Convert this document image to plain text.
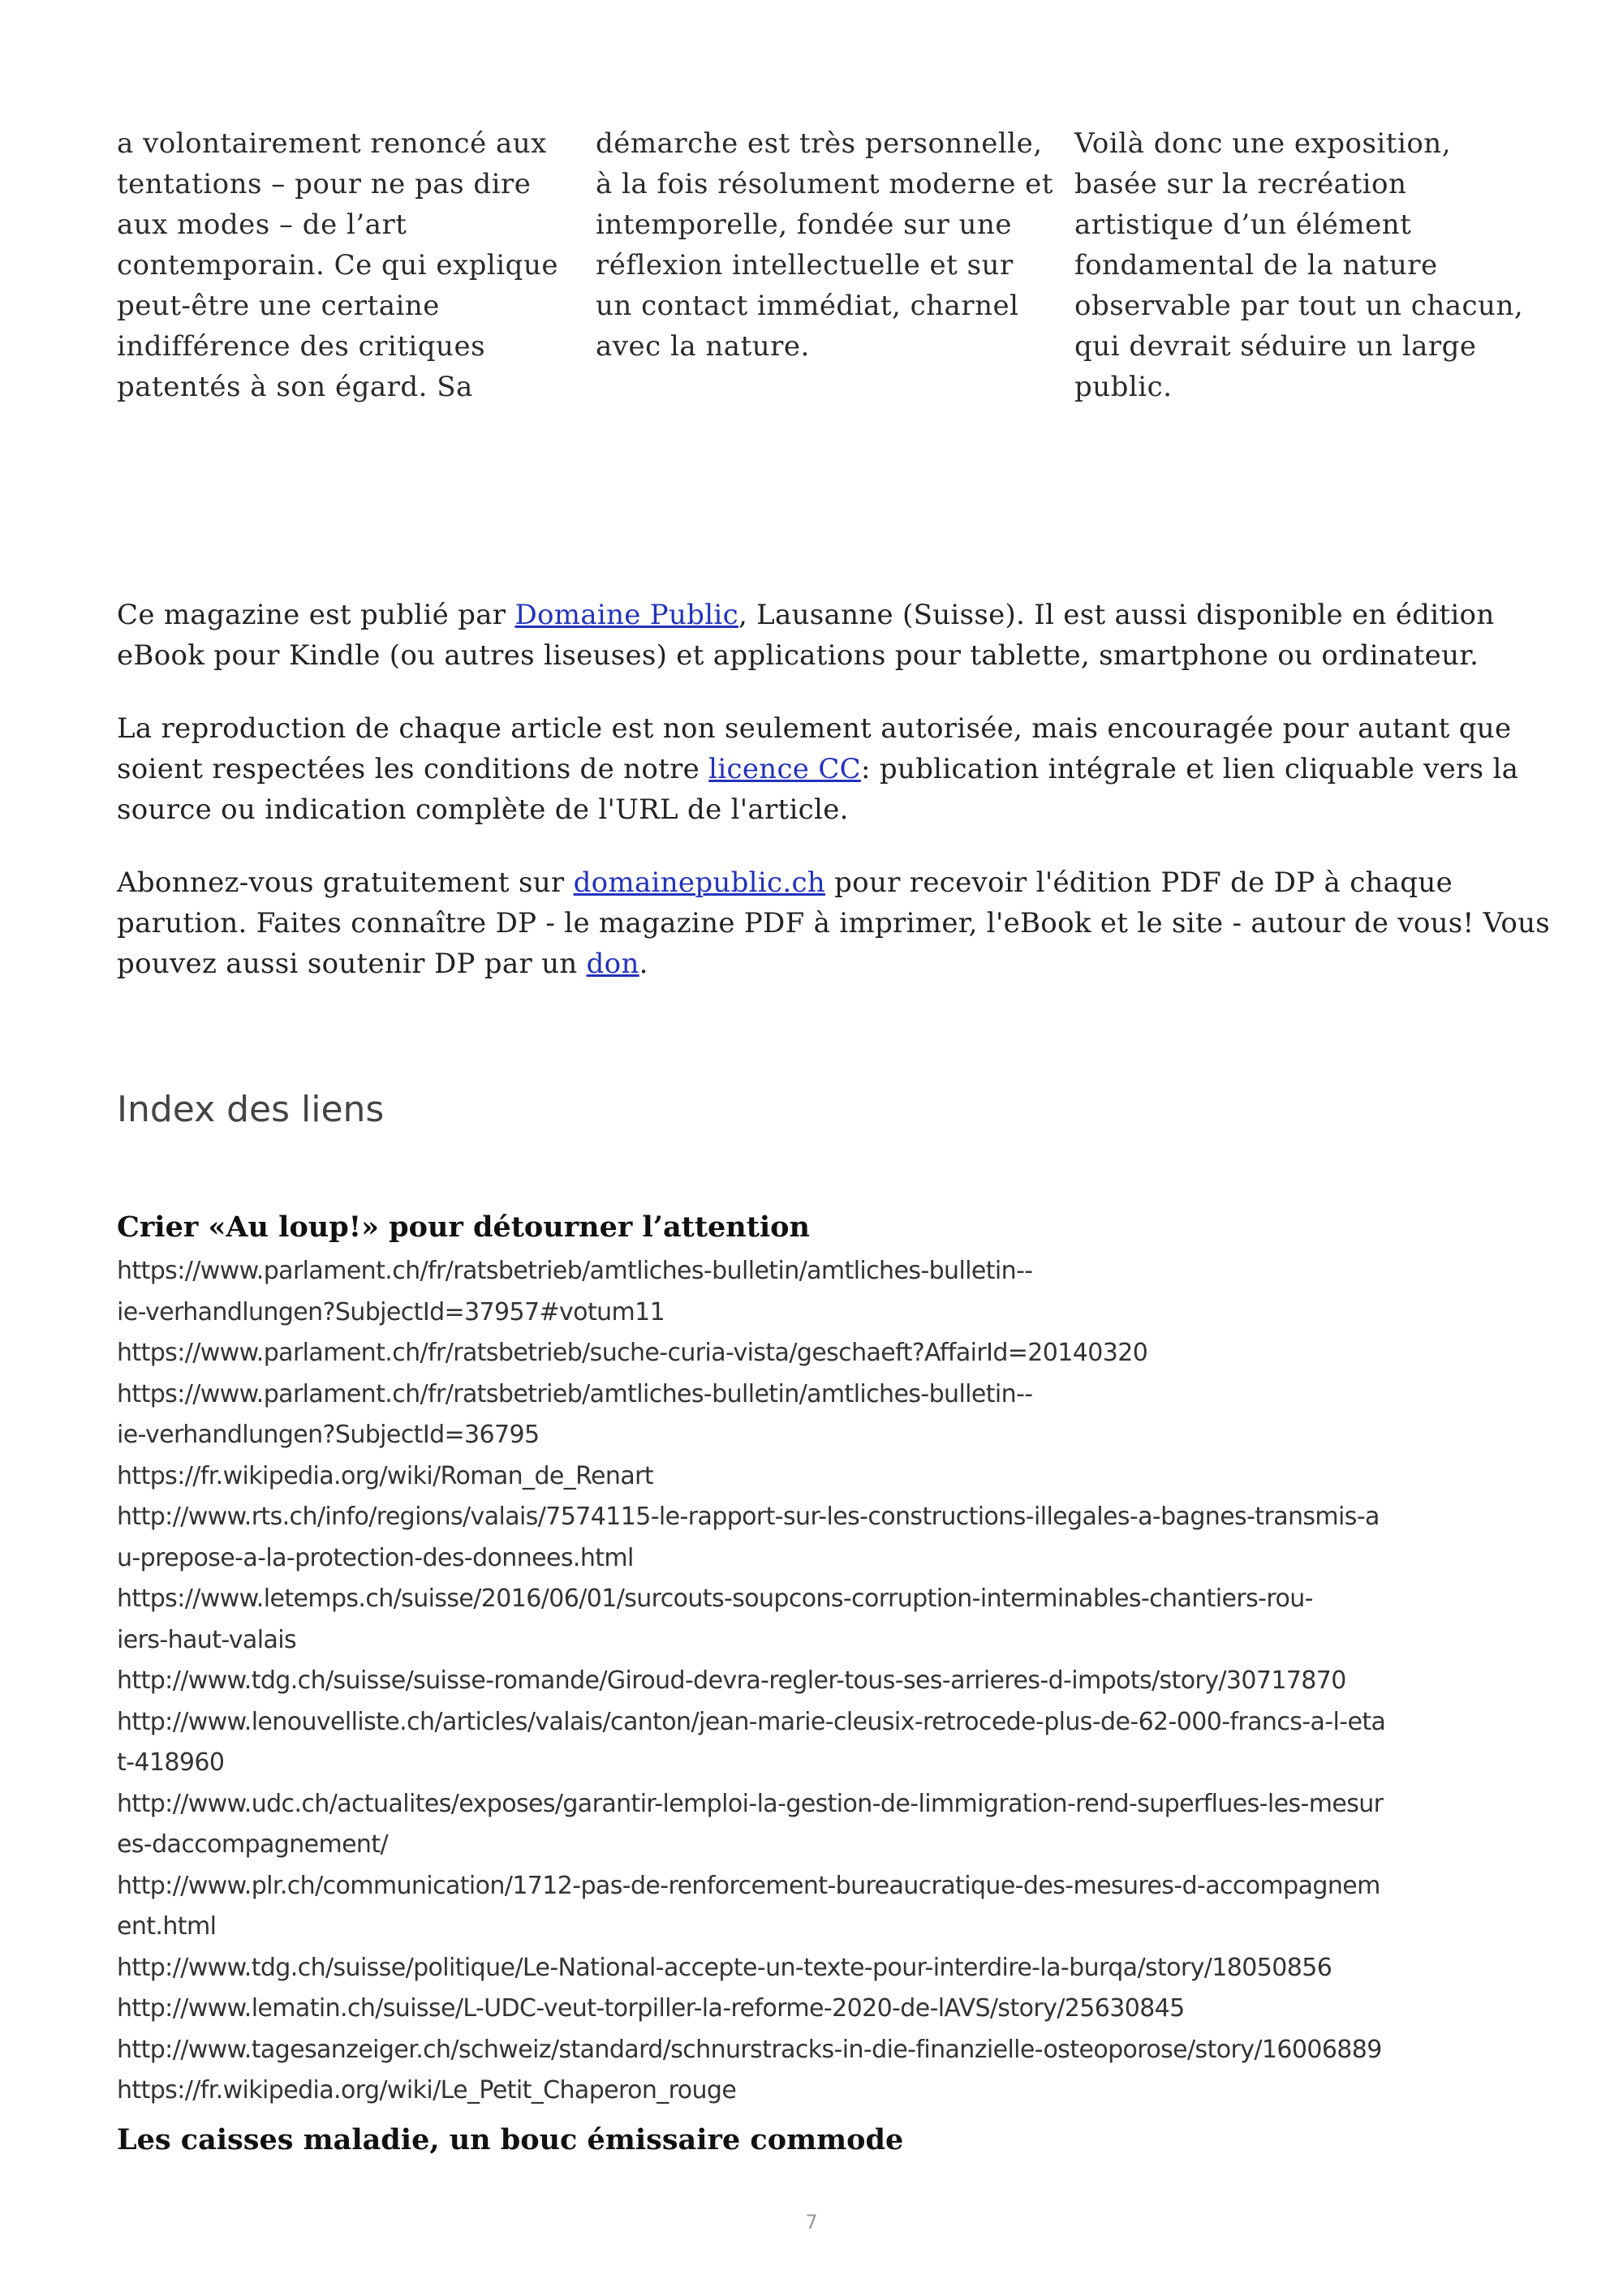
a volontairement renoncé aux
tentations – pour ne pas dire
aux modes – de l’art
contemporain. Ce qui explique
peut-être une certaine
indifférence des critiques
patentés à son égard. Sa
démarche est très personnelle,
à la fois résolument moderne et
intemporelle, fondée sur une
réflexion intellectuelle et sur
un contact immédiat, charnel
avec la nature.
Voilà donc une exposition,
basée sur la recréation
artistique d’un élément
fondamental de la nature
observable par tout un chacun,
qui devrait séduire un large
public.

Ce magazine est publié par Domaine Public, Lausanne (Suisse). Il est aussi disponible en édition
eBook pour Kindle (ou autres liseuses) et applications pour tablette, smartphone ou ordinateur.

La reproduction de chaque article est non seulement autorisée, mais encouragée pour autant que
soient respectées les conditions de notre licence CC: publication intégrale et lien cliquable vers la
source ou indication complète de l'URL de l'article.

Abonnez-vous gratuitement sur domainepublic.ch pour recevoir l'édition PDF de DP à chaque
parution. Faites connaître DP - le magazine PDF à imprimer, l'eBook et le site - autour de vous! Vous
pouvez aussi soutenir DP par un don.

Index des liens
Crier «Au loup!» pour détourner l’attention
https://www.parlament.ch/fr/ratsbetrieb/amtliches-bulletin/amtliches-bulletin--
ie-verhandlungen?SubjectId=37957#votum11
https://www.parlament.ch/fr/ratsbetrieb/suche-curia-vista/geschaeft?AffairId=20140320
https://www.parlament.ch/fr/ratsbetrieb/amtliches-bulletin/amtliches-bulletin--
ie-verhandlungen?SubjectId=36795
https://fr.wikipedia.org/wiki/Roman_de_Renart
http://www.rts.ch/info/regions/valais/7574115-le-rapport-sur-les-constructions-illegales-a-bagnes-transmis-a
u-prepose-a-la-protection-des-donnees.html
https://www.letemps.ch/suisse/2016/06/01/surcouts-soupcons-corruption-interminables-chantiers-rou-
iers-haut-valais
http://www.tdg.ch/suisse/suisse-romande/Giroud-devra-regler-tous-ses-arrieres-d-impots/story/30717870
http://www.lenouvelliste.ch/articles/valais/canton/jean-marie-cleusix-retrocede-plus-de-62-000-francs-a-l-eta
t-418960
http://www.udc.ch/actualites/exposes/garantir-lemploi-la-gestion-de-limmigration-rend-superflues-les-mesur
es-daccompagnement/
http://www.plr.ch/communication/1712-pas-de-renforcement-bureaucratique-des-mesures-d-accompagnem
ent.html
http://www.tdg.ch/suisse/politique/Le-National-accepte-un-texte-pour-interdire-la-burqa/story/18050856
http://www.lematin.ch/suisse/L-UDC-veut-torpiller-la-reforme-2020-de-lAVS/story/25630845
http://www.tagesanzeiger.ch/schweiz/standard/schnurstracks-in-die-finanzielle-osteoporose/story/16006889
https://fr.wikipedia.org/wiki/Le_Petit_Chaperon_rouge
Les caisses maladie, un bouc émissaire commode
7
